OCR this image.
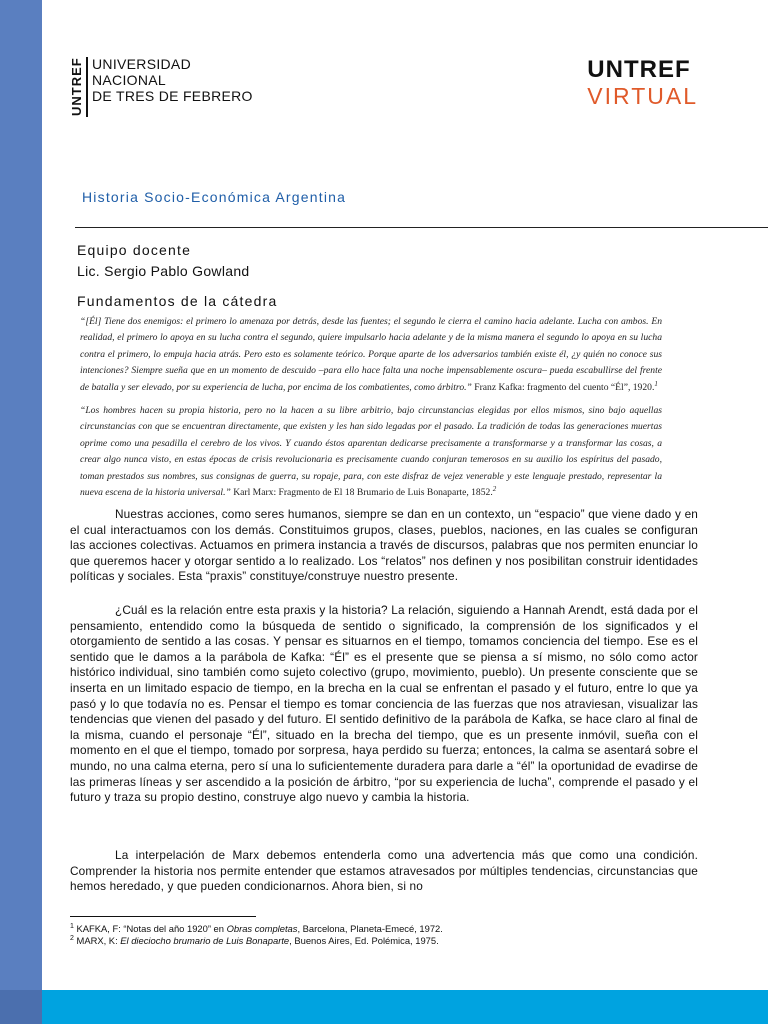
UNTREF UNIVERSIDAD
NACIONAL
DE TRES DE FEBRERO
UNTREF
VIRTUAL
Historia Socio-Económica Argentina
Equipo docente
Lic. Sergio Pablo Gowland
Fundamentos de la cátedra
“[Él] Tiene dos enemigos: el primero lo amenaza por detrás, desde las fuentes; el segundo le cierra el camino hacia adelante. Lucha con ambos. En realidad, el primero lo apoya en su lucha contra el segundo, quiere impulsarlo hacia adelante y de la misma manera el segundo lo apoya en su lucha contra el primero, lo empuja hacia atrás. Pero esto es solamente teórico. Porque aparte de los adversarios también existe él, ¿y quién no conoce sus intenciones? Siempre sueña que en un momento de descuido –para ello hace falta una noche impensablemente oscura– pueda escabullirse del frente de batalla y ser elevado, por su experiencia de lucha, por encima de los combatientes, como árbitro.” Franz Kafka: fragmento del cuento “Él”, 1920.$^1$
“Los hombres hacen su propia historia, pero no la hacen a su libre arbitrio, bajo circunstancias elegidas por ellos mismos, sino bajo aquellas circunstancias con que se encuentran directamente, que existen y les han sido legadas por el pasado. La tradición de todas las generaciones muertas oprime como una pesadilla el cerebro de los vivos. Y cuando éstos aparentan dedicarse precisamente a transformarse y a transformar las cosas, a crear algo nunca visto, en estas épocas de crisis revolucionaria es precisamente cuando conjuran temerosos en su auxilio los espíritus del pasado, toman prestados sus nombres, sus consignas de guerra, su ropaje, para, con este disfraz de vejez venerable y este lenguaje prestado, representar la nueva escena de la historia universal.” Karl Marx: Fragmento de El 18 Brumario de Luis Bonaparte, 1852.$^2$
Nuestras acciones, como seres humanos, siempre se dan en un contexto, un “espacio” que viene dado y en el cual interactuamos con los demás. Constituimos grupos, clases, pueblos, naciones, en las cuales se configuran las acciones colectivas. Actuamos en primera instancia a través de discursos, palabras que nos permiten enunciar lo que queremos hacer y otorgar sentido a lo realizado. Los “relatos” nos definen y nos posibilitan construir identidades políticas y sociales. Esta “praxis” constituye/construye nuestro presente.
¿Cuál es la relación entre esta praxis y la historia? La relación, siguiendo a Hannah Arendt, está dada por el pensamiento, entendido como la búsqueda de sentido o significado, la comprensión de los significados y el otorgamiento de sentido a las cosas. Y pensar es situarnos en el tiempo, tomamos conciencia del tiempo. Ese es el sentido que le damos a la parábola de Kafka: “Él” es el presente que se piensa a sí mismo, no sólo como actor histórico individual, sino también como sujeto colectivo (grupo, movimiento, pueblo). Un presente consciente que se inserta en un limitado espacio de tiempo, en la brecha en la cual se enfrentan el pasado y el futuro, entre lo que ya pasó y lo que todavía no es. Pensar el tiempo es tomar conciencia de las fuerzas que nos atraviesan, visualizar las tendencias que vienen del pasado y del futuro. El sentido definitivo de la parábola de Kafka, se hace claro al final de la misma, cuando el personaje “Él”, situado en la brecha del tiempo, que es un presente inmóvil, sueña con el momento en el que el tiempo, tomado por sorpresa, haya perdido su fuerza; entonces, la calma se asentará sobre el mundo, no una calma eterna, pero sí una lo suficientemente duradera para darle a “él” la oportunidad de evadirse de las primeras líneas y ser ascendido a la posición de árbitro, “por su experiencia de lucha”, comprende el pasado y el futuro y traza su propio destino, construye algo nuevo y cambia la historia.
La interpelación de Marx debemos entenderla como una advertencia más que como una condición. Comprender la historia nos permite entender que estamos atravesados por múltiples tendencias, circunstancias que hemos heredado, y que pueden condicionarnos. Ahora bien, si no
$^1$ KAFKA, F: “Notas del año 1920” en Obras completas, Barcelona, Planeta-Emecé, 1972.
$^2$ MARX, K: El dieciocho brumario de Luis Bonaparte, Buenos Aires, Ed. Polémica, 1975.
